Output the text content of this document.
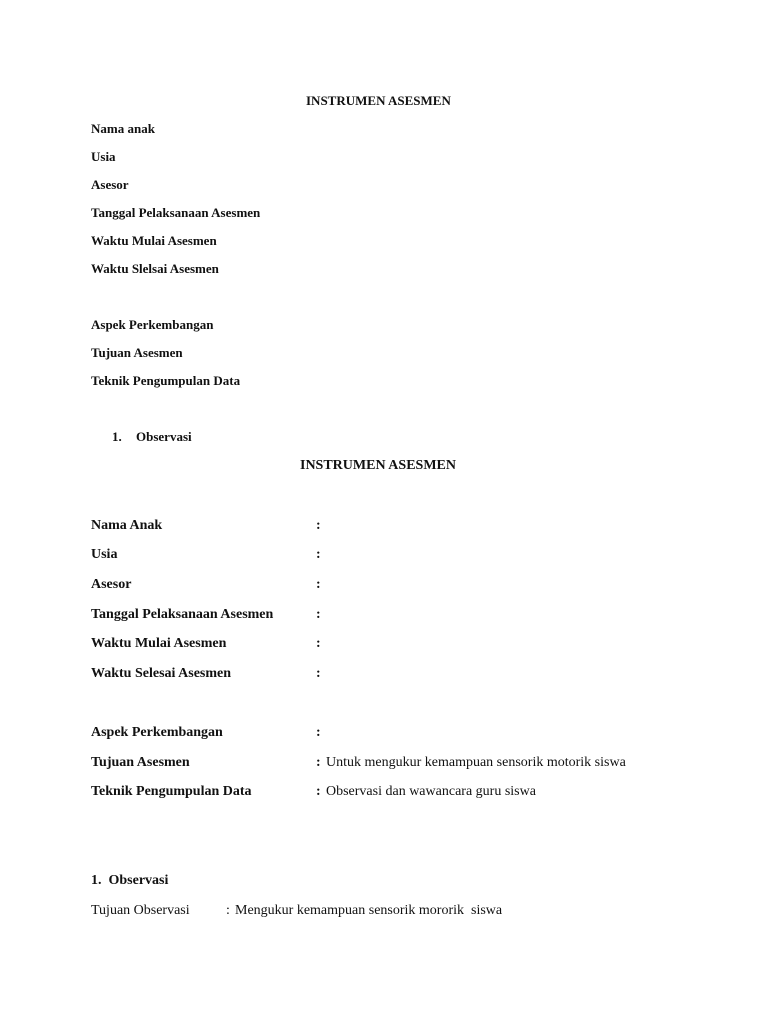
INSTRUMEN ASESMEN
Nama anak
Usia
Asesor
Tanggal Pelaksanaan Asesmen
Waktu Mulai Asesmen
Waktu Slelsai Asesmen
Aspek Perkembangan
Tujuan Asesmen
Teknik Pengumpulan Data
1. Observasi
INSTRUMEN ASESMEN
Nama Anak	:
Usia	:
Asesor	:
Tanggal Pelaksanaan Asesmen	:
Waktu Mulai Asesmen	:
Waktu Selesai Asesmen	:
Aspek Perkembangan	:
Tujuan Asesmen	: Untuk mengukur kemampuan sensorik motorik siswa
Teknik Pengumpulan Data	: Observasi dan wawancara guru siswa
1.  Observasi
Tujuan Observasi	: Mengukur kemampuan sensorik mororik  siswa
